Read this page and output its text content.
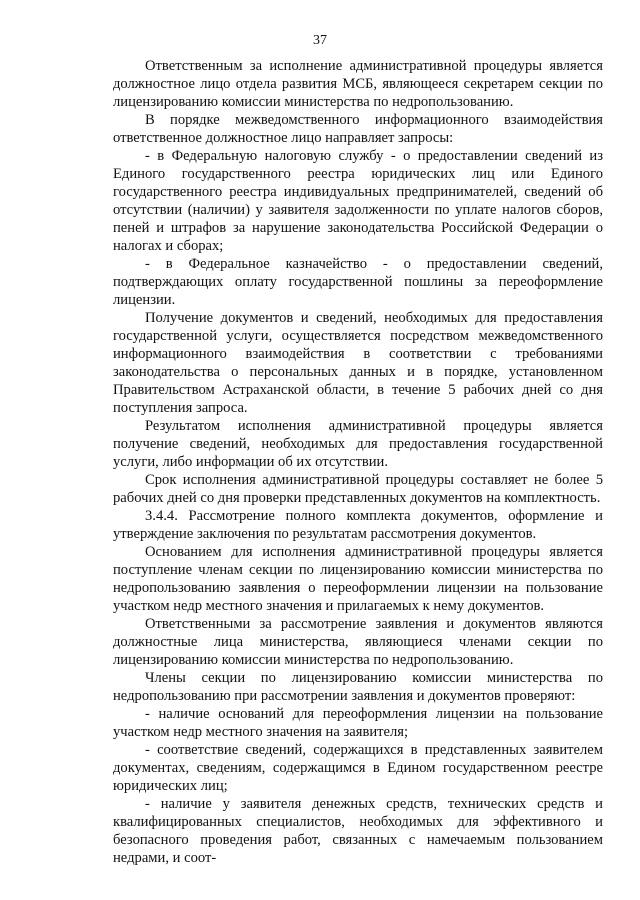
37

Ответственным за исполнение административной процедуры является должностное лицо отдела развития МСБ, являющееся секретарем секции по лицензированию комиссии министерства по недропользованию.

В порядке межведомственного информационного взаимодействия ответственное должностное лицо направляет запросы:

- в Федеральную налоговую службу - о предоставлении сведений из Единого государственного реестра юридических лиц или Единого государственного реестра индивидуальных предпринимателей, сведений об отсутствии (наличии) у заявителя задолженности по уплате налогов сборов, пеней и штрафов за нарушение законодательства Российской Федерации о налогах и сборах;

- в Федеральное казначейство - о предоставлении сведений, подтверждающих оплату государственной пошлины за переоформление лицензии.

Получение документов и сведений, необходимых для предоставления государственной услуги, осуществляется посредством межведомственного информационного взаимодействия в соответствии с требованиями законодательства о персональных данных и в порядке, установленном Правительством Астраханской области, в течение 5 рабочих дней со дня поступления запроса.

Результатом исполнения административной процедуры является получение сведений, необходимых для предоставления государственной услуги, либо информации об их отсутствии.

Срок исполнения административной процедуры составляет не более 5 рабочих дней со дня проверки представленных документов на комплектность.

3.4.4. Рассмотрение полного комплекта документов, оформление и утверждение заключения по результатам рассмотрения документов.

Основанием для исполнения административной процедуры является поступление членам секции по лицензированию комиссии министерства по недропользованию заявления о переоформлении лицензии на пользование участком недр местного значения и прилагаемых к нему документов.

Ответственными за рассмотрение заявления и документов являются должностные лица министерства, являющиеся членами секции по лицензированию комиссии министерства по недропользованию.

Члены секции по лицензированию комиссии министерства по недропользованию при рассмотрении заявления и документов проверяют:

- наличие оснований для переоформления лицензии на пользование участком недр местного значения на заявителя;

- соответствие сведений, содержащихся в представленных заявителем документах, сведениям, содержащимся в Едином государственном реестре юридических лиц;

- наличие у заявителя денежных средств, технических средств и квалифицированных специалистов, необходимых для эффективного и безопасного проведения работ, связанных с намечаемым пользованием недрами, и соот-
